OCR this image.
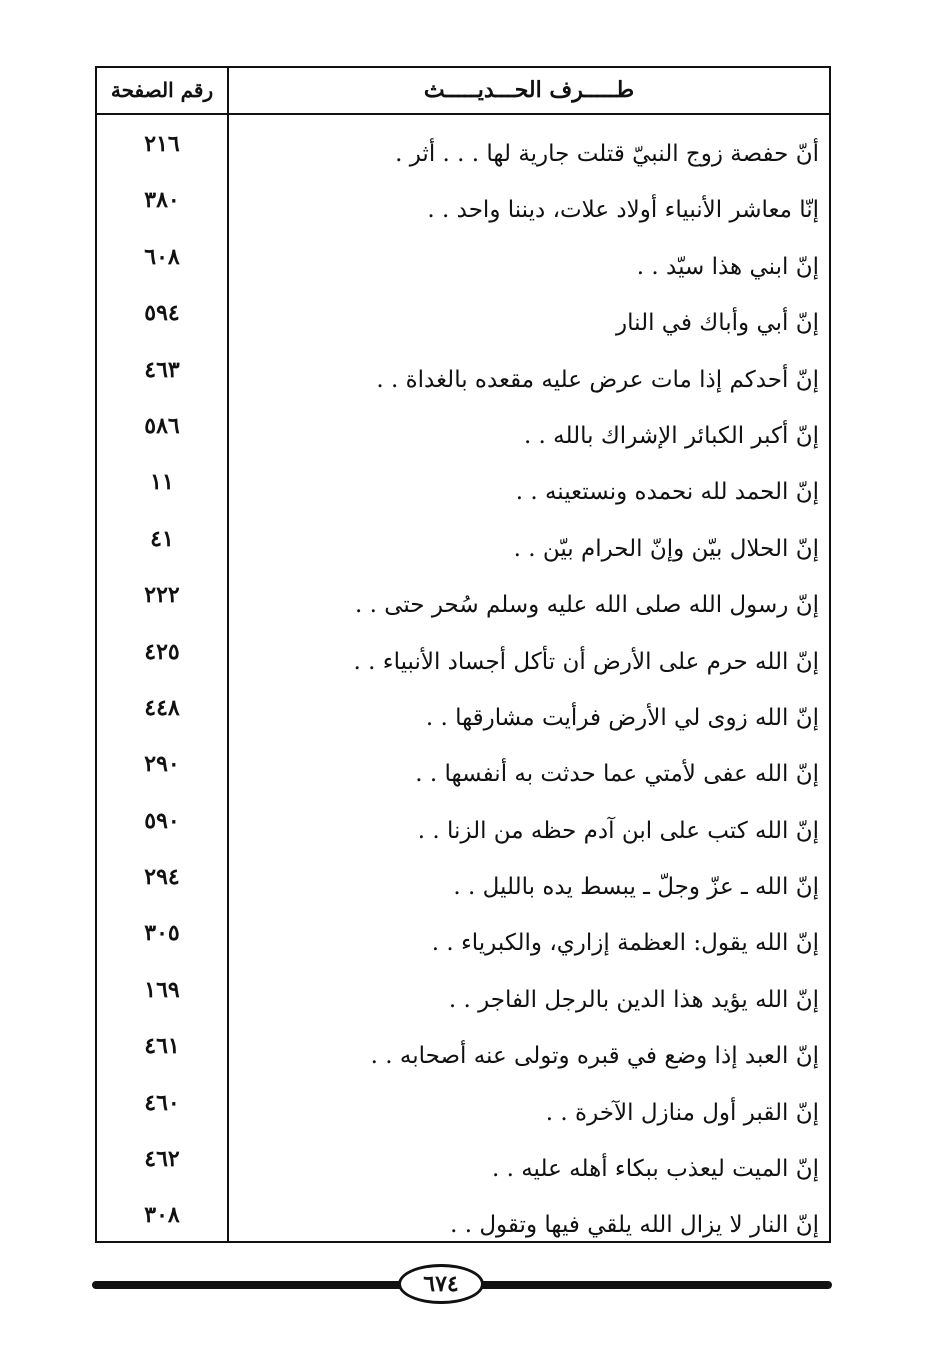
رقم الصفحة	طـــــرف الحـــديـــــث
٢١٦	أنّ حفصة زوج النبيّ قتلت جارية لها . . . أثر .
٣٨٠	إنّا معاشر الأنبياء أولاد علات، ديننا واحد . .
٦٠٨	إنّ ابني هذا سيّد . .
٥٩٤	إنّ أبي وأباك في النار
٤٦٣	إنّ أحدكم إذا مات عرض عليه مقعده بالغداة . .
٥٨٦	إنّ أكبر الكبائر الإشراك بالله . .
١١	إنّ الحمد لله نحمده ونستعينه . .
٤١	إنّ الحلال بيّن وإنّ الحرام بيّن . .
٢٢٢	إنّ رسول الله صلى الله عليه وسلم سُحر حتى . .
٤٢٥	إنّ الله حرم على الأرض أن تأكل أجساد الأنبياء . .
٤٤٨	إنّ الله زوى لي الأرض فرأيت مشارقها . .
٢٩٠	إنّ الله عفى لأمتي عما حدثت به أنفسها . .
٥٩٠	إنّ الله كتب على ابن آدم حظه من الزنا . .
٢٩٤	إنّ الله ـ عزّ وجلّ ـ يبسط يده بالليل . .
٣٠٥	إنّ الله يقول: العظمة إزاري، والكبرياء . .
١٦٩	إنّ الله يؤيد هذا الدين بالرجل الفاجر . .
٤٦١	إنّ العبد إذا وضع في قبره وتولى عنه أصحابه . .
٤٦٠	إنّ القبر أول منازل الآخرة . .
٤٦٢	إنّ الميت ليعذب ببكاء أهله عليه . .
٣٠٨	إنّ النار لا يزال الله يلقي فيها وتقول . .
٦٧٤
